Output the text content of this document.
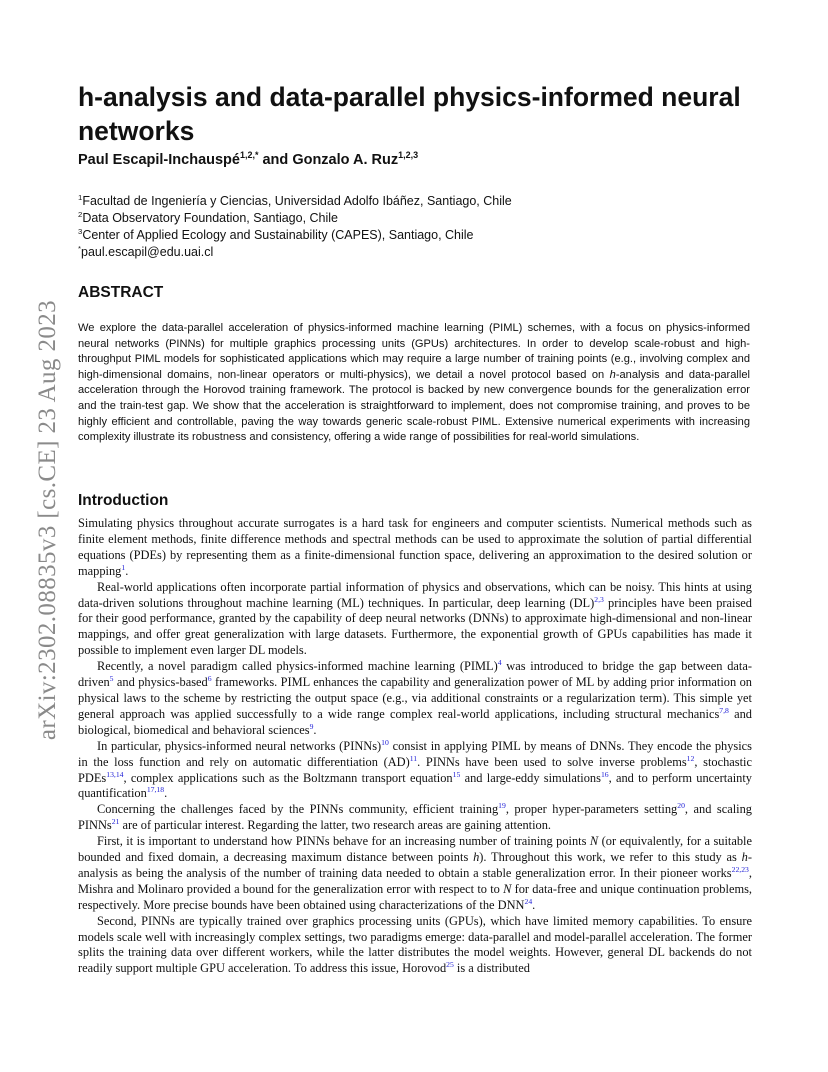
arXiv:2302.08835v3 [cs.CE] 23 Aug 2023
h-analysis and data-parallel physics-informed neural networks

Paul Escapil-Inchauspé$^{1,2,*}$ and Gonzalo A. Ruz$^{1,2,3}$

$^1$Facultad de Ingeniería y Ciencias, Universidad Adolfo Ibáñez, Santiago, Chile
$^2$Data Observatory Foundation, Santiago, Chile
$^3$Center of Applied Ecology and Sustainability (CAPES), Santiago, Chile
*paul.escapil@edu.uai.cl
ABSTRACT

We explore the data-parallel acceleration of physics-informed machine learning (PIML) schemes, with a focus on physics-informed neural networks (PINNs) for multiple graphics processing units (GPUs) architectures. In order to develop scale-robust and high-throughput PIML models for sophisticated applications which may require a large number of training points (e.g., involving complex and high-dimensional domains, non-linear operators or multi-physics), we detail a novel protocol based on h-analysis and data-parallel acceleration through the Horovod training framework. The protocol is backed by new convergence bounds for the generalization error and the train-test gap. We show that the acceleration is straightforward to implement, does not compromise training, and proves to be highly efficient and controllable, paving the way towards generic scale-robust PIML. Extensive numerical experiments with increasing complexity illustrate its robustness and consistency, offering a wide range of possibilities for real-world simulations.

Introduction

Simulating physics throughout accurate surrogates is a hard task for engineers and computer scientists. Numerical methods such as finite element methods, finite difference methods and spectral methods can be used to approximate the solution of partial differential equations (PDEs) by representing them as a finite-dimensional function space, delivering an approximation to the desired solution or mapping$^1$.

Real-world applications often incorporate partial information of physics and observations, which can be noisy. This hints at using data-driven solutions throughout machine learning (ML) techniques. In particular, deep learning (DL)$^{2,3}$ principles have been praised for their good performance, granted by the capability of deep neural networks (DNNs) to approximate high-dimensional and non-linear mappings, and offer great generalization with large datasets. Furthermore, the exponential growth of GPUs capabilities has made it possible to implement even larger DL models.

Recently, a novel paradigm called physics-informed machine learning (PIML)$^4$ was introduced to bridge the gap between data-driven$^5$ and physics-based$^6$ frameworks. PIML enhances the capability and generalization power of ML by adding prior information on physical laws to the scheme by restricting the output space (e.g., via additional constraints or a regularization term). This simple yet general approach was applied successfully to a wide range complex real-world applications, including structural mechanics$^{7,8}$ and biological, biomedical and behavioral sciences$^9$.

In particular, physics-informed neural networks (PINNs)$^{10}$ consist in applying PIML by means of DNNs. They encode the physics in the loss function and rely on automatic differentiation (AD)$^{11}$. PINNs have been used to solve inverse problems$^{12}$, stochastic PDEs$^{13,14}$, complex applications such as the Boltzmann transport equation$^{15}$ and large-eddy simulations$^{16}$, and to perform uncertainty quantification$^{17,18}$.

Concerning the challenges faced by the PINNs community, efficient training$^{19}$, proper hyper-parameters setting$^{20}$, and scaling PINNs$^{21}$ are of particular interest. Regarding the latter, two research areas are gaining attention.

First, it is important to understand how PINNs behave for an increasing number of training points N (or equivalently, for a suitable bounded and fixed domain, a decreasing maximum distance between points h). Throughout this work, we refer to this study as h-analysis as being the analysis of the number of training data needed to obtain a stable generalization error. In their pioneer works$^{22,23}$, Mishra and Molinaro provided a bound for the generalization error with respect to to N for data-free and unique continuation problems, respectively. More precise bounds have been obtained using characterizations of the DNN$^{24}$.

Second, PINNs are typically trained over graphics processing units (GPUs), which have limited memory capabilities. To ensure models scale well with increasingly complex settings, two paradigms emerge: data-parallel and model-parallel acceleration. The former splits the training data over different workers, while the latter distributes the model weights. However, general DL backends do not readily support multiple GPU acceleration. To address this issue, Horovod$^{25}$ is a distributed
